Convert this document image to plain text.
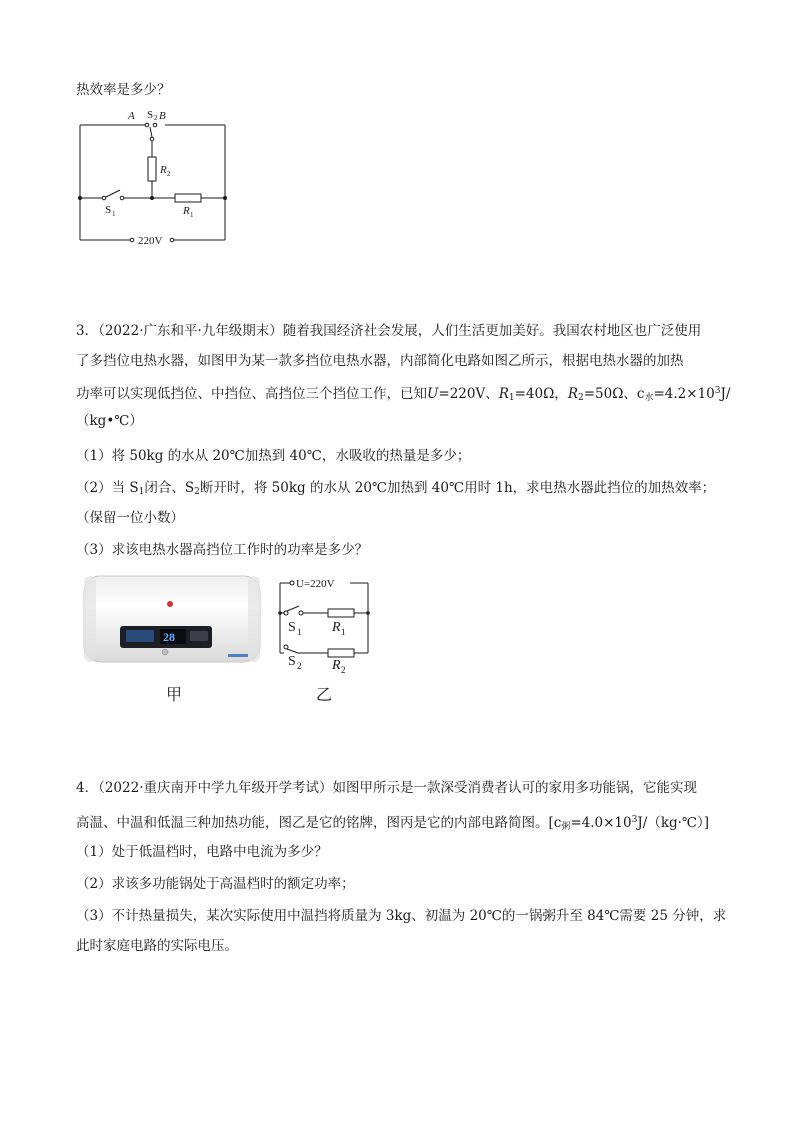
热效率是多少？
A S 2 B
R 2
S 1	R 1
220V
3．（2022·广东和平·九年级期末）随着我国经济社会发展，人们生活更加美好。我国农村地区也广泛使用
了多挡位电热水器，如图甲为某一款多挡位电热水器，内部简化电路如图乙所示，根据电热水器的加热
功率可以实现低挡位、中挡位、高挡位三个挡位工作，已知U=220V、$R_1=40\Omega$，$R_2=50\Omega$、$c_水=4.2\times 10^3J/$
（kg•℃）
（1）将 50kg 的水从 20℃加热到 40℃，水吸收的热量是多少；
（2）当 $S_1$闭合、$S_2$断开时，将 50kg 的水从 20℃加热到 40℃用时 1h，求电热水器此挡位的加热效率；
（保留一位小数）
（3）求该电热水器高挡位工作时的功率是多少？
28
U=220V
S 1 R 1
S 2 R 2
甲	乙
4．（2022·重庆南开中学九年级开学考试）如图甲所示是一款深受消费者认可的家用多功能锅，它能实现
高温、中温和低温三种加热功能，图乙是它的铭牌，图丙是它的内部电路简图。$[c_粥=4.0\times 10^3J/(kg\cdot℃)]$
（1）处于低温档时，电路中电流为多少？
（2）求该多功能锅处于高温档时的额定功率；
（3）不计热量损失，某次实际使用中温挡将质量为 3kg、初温为 20℃的一锅粥升至 84℃需要 25 分钟，求
此时家庭电路的实际电压。
